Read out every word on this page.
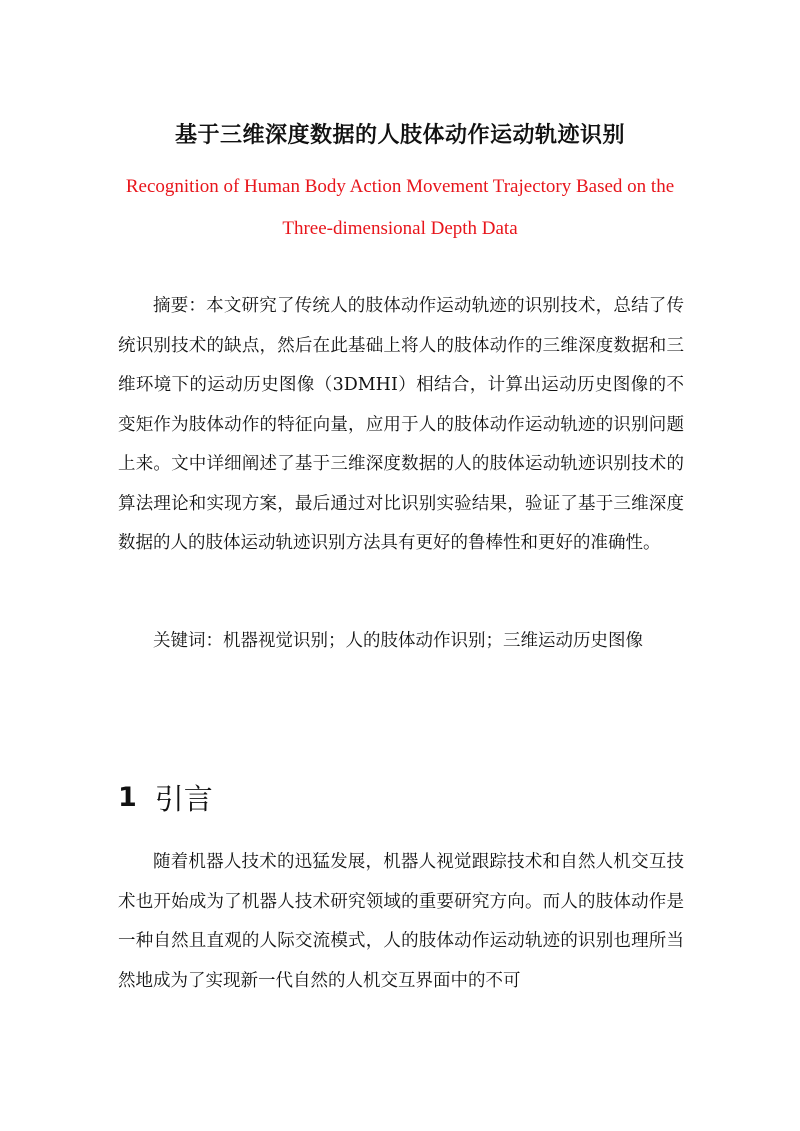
基于三维深度数据的人肢体动作运动轨迹识别
Recognition of Human Body Action Movement Trajectory Based on the Three-dimensional Depth Data

摘要：本文研究了传统人的肢体动作运动轨迹的识别技术，总结了传统识别技术的缺点，然后在此基础上将人的肢体动作的三维深度数据和三维环境下的运动历史图像（3DMHI）相结合，计算出运动历史图像的不变矩作为肢体动作的特征向量，应用于人的肢体动作运动轨迹的识别问题上来。文中详细阐述了基于三维深度数据的人的肢体运动轨迹识别技术的算法理论和实现方案，最后通过对比识别实验结果，验证了基于三维深度数据的人的肢体运动轨迹识别方法具有更好的鲁棒性和更好的准确性。

关键词：机器视觉识别；人的肢体动作识别；三维运动历史图像
1 引言

随着机器人技术的迅猛发展，机器人视觉跟踪技术和自然人机交互技术也开始成为了机器人技术研究领域的重要研究方向。而人的肢体动作是一种自然且直观的人际交流模式，人的肢体动作运动轨迹的识别也理所当然地成为了实现新一代自然的人机交互界面中的不可
